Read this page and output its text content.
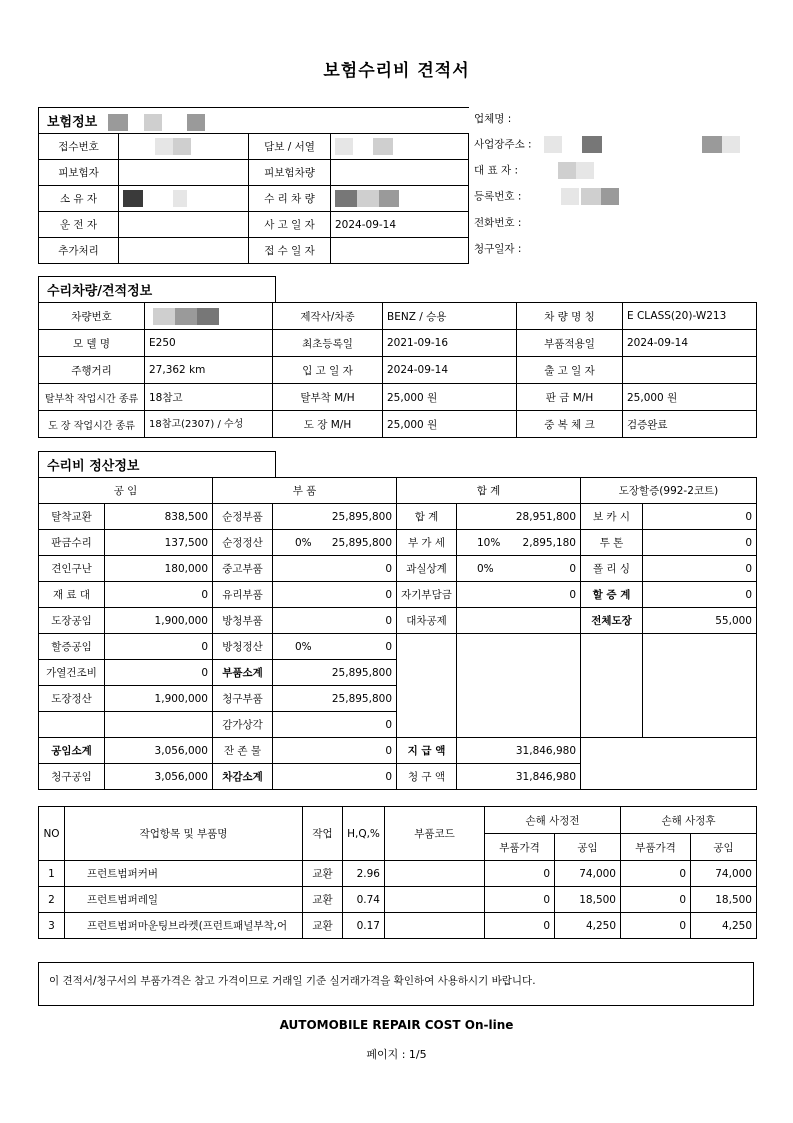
보험수리비 견적서
보험정보			
접수번호		담보 / 서열	
피보험자		피보험차량	
소 유 자		수 리 차 량	
운 전 자		사 고 일 자	2024-09-14
추가처리		접 수 일 자	
업체명 :
사업장주소 :
대 표 자 :
등록번호 :
전화번호 :
청구일자 :
수리차량/견적정보
차량번호		제작사/차종	BENZ / 승용	차 량 명 칭	E CLASS(20)-W213
모 델 명	E250	최초등록일	2021-09-16	부품적용일	2024-09-14
주행거리	27,362 km	입 고 일 자	2024-09-14	출 고 일 자	
탈부착 작업시간 종류	18참고	탈부착 M/H	25,000 원	판 금 M/H	25,000 원
도 장 작업시간 종류	18참고(2307) / 수성	도 장 M/H	25,000 원	중 복 체 크	검증완료
수리비 정산정보
공 임		부 품		합 계		도장할증(992-2코트)	
탈착교환	838,500	순정부품	25,895,800	합 계	28,951,800	보 카 시	0
판금수리	137,500	순정정산	0% 25,895,800	부 가 세	10% 2,895,180	투 톤	0
견인구난	180,000	중고부품	0	과실상계	0% 0	폴 리 싱	0
재 료 대	0	유리부품	0	자기부담금	0	할 증 계	0
도장공임	1,900,000	방청부품	0	대차공제		전체도장	55,000
할증공임	0	방청정산	0% 0				

가열건조비	0	부품소계	25,895,800				

도장정산	1,900,000	청구부품	25,895,800				

		감가상각	0				

공임소계	3,056,000	잔 존 물	0	지 급 액	31,846,980		

청구공임	3,056,000	차감소계	0	청 구 액	31,846,980		
NO	작업항목 및 부품명	작업	H,Q,%	부품코드	손해 사정전		손해 사정후	
					부품가격	공임	부품가격	공임
1	프런트범퍼커버	교환	2.96		0	74,000	0	74,000
2	프런트범퍼레일	교환	0.74		0	18,500	0	18,500
3	프런트범퍼마운팅브라켓(프런트패널부착,어	교환	0.17		0	4,250	0	4,250
이 견적서/청구서의 부품가격은 참고 가격이므로 거래일 기준 실거래가격을 확인하여 사용하시기 바랍니다.
AUTOMOBILE REPAIR COST On-line
페이지 : 1/5
